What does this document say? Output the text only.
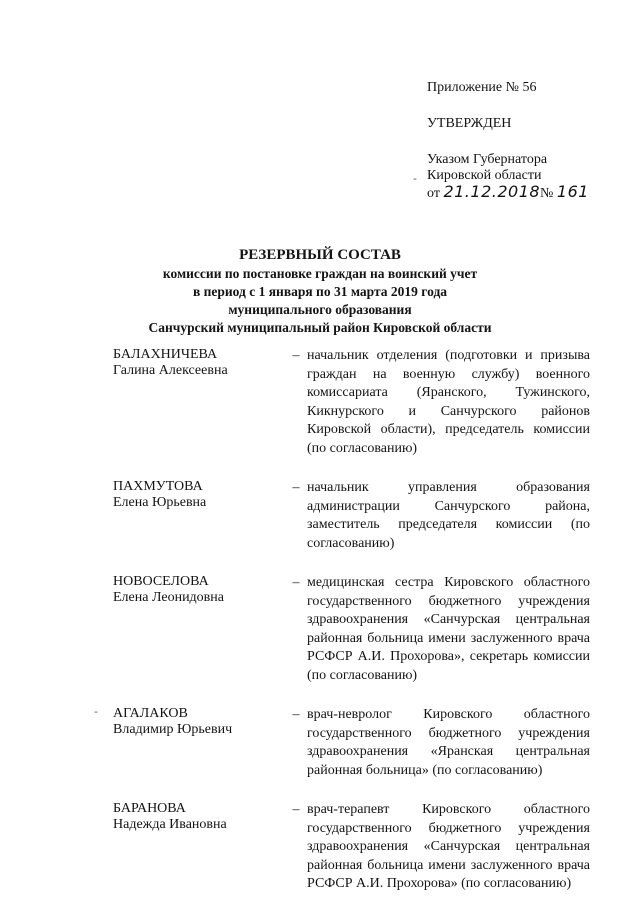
Приложение № 56
УТВЕРЖДЕН
Указом Губернатора
Кировской области
от 21.12.2018№ 161
-
РЕЗЕРВНЫЙ СОСТАВ
комиссии по постановке граждан на воинский учет
в период с 1 января по 31 марта 2019 года
муниципального образования
Санчурский муниципальный район Кировской области
БАЛАХНИЧЕВА
Галина Алексеевна
– начальник отделения (подготовки и призыва граждан на военную службу) военного комиссариата (Яранского, Тужинского, Кикнурского и Санчурского районов Кировской области), председатель комиссии (по согласованию)
ПАХМУТОВА
Елена Юрьевна
– начальник управления образования администрации Санчурского района, заместитель председателя комиссии (по согласованию)
НОВОСЕЛОВА
Елена Леонидовна
– медицинская сестра Кировского областного государственного бюджетного учреждения здравоохранения «Санчурская центральная районная больница имени заслуженного врача РСФСР А.И. Прохорова», секретарь комиссии (по согласованию)
АГАЛАКОВ
Владимир Юрьевич
– врач-невролог Кировского областного государственного бюджетного учреждения здравоохранения «Яранская центральная районная больница» (по согласованию)
БАРАНОВА
Надежда Ивановна
– врач-терапевт Кировского областного государственного бюджетного учреждения здравоохранения «Санчурская центральная районная больница имени заслуженного врача РСФСР А.И. Прохорова» (по согласованию)
-
